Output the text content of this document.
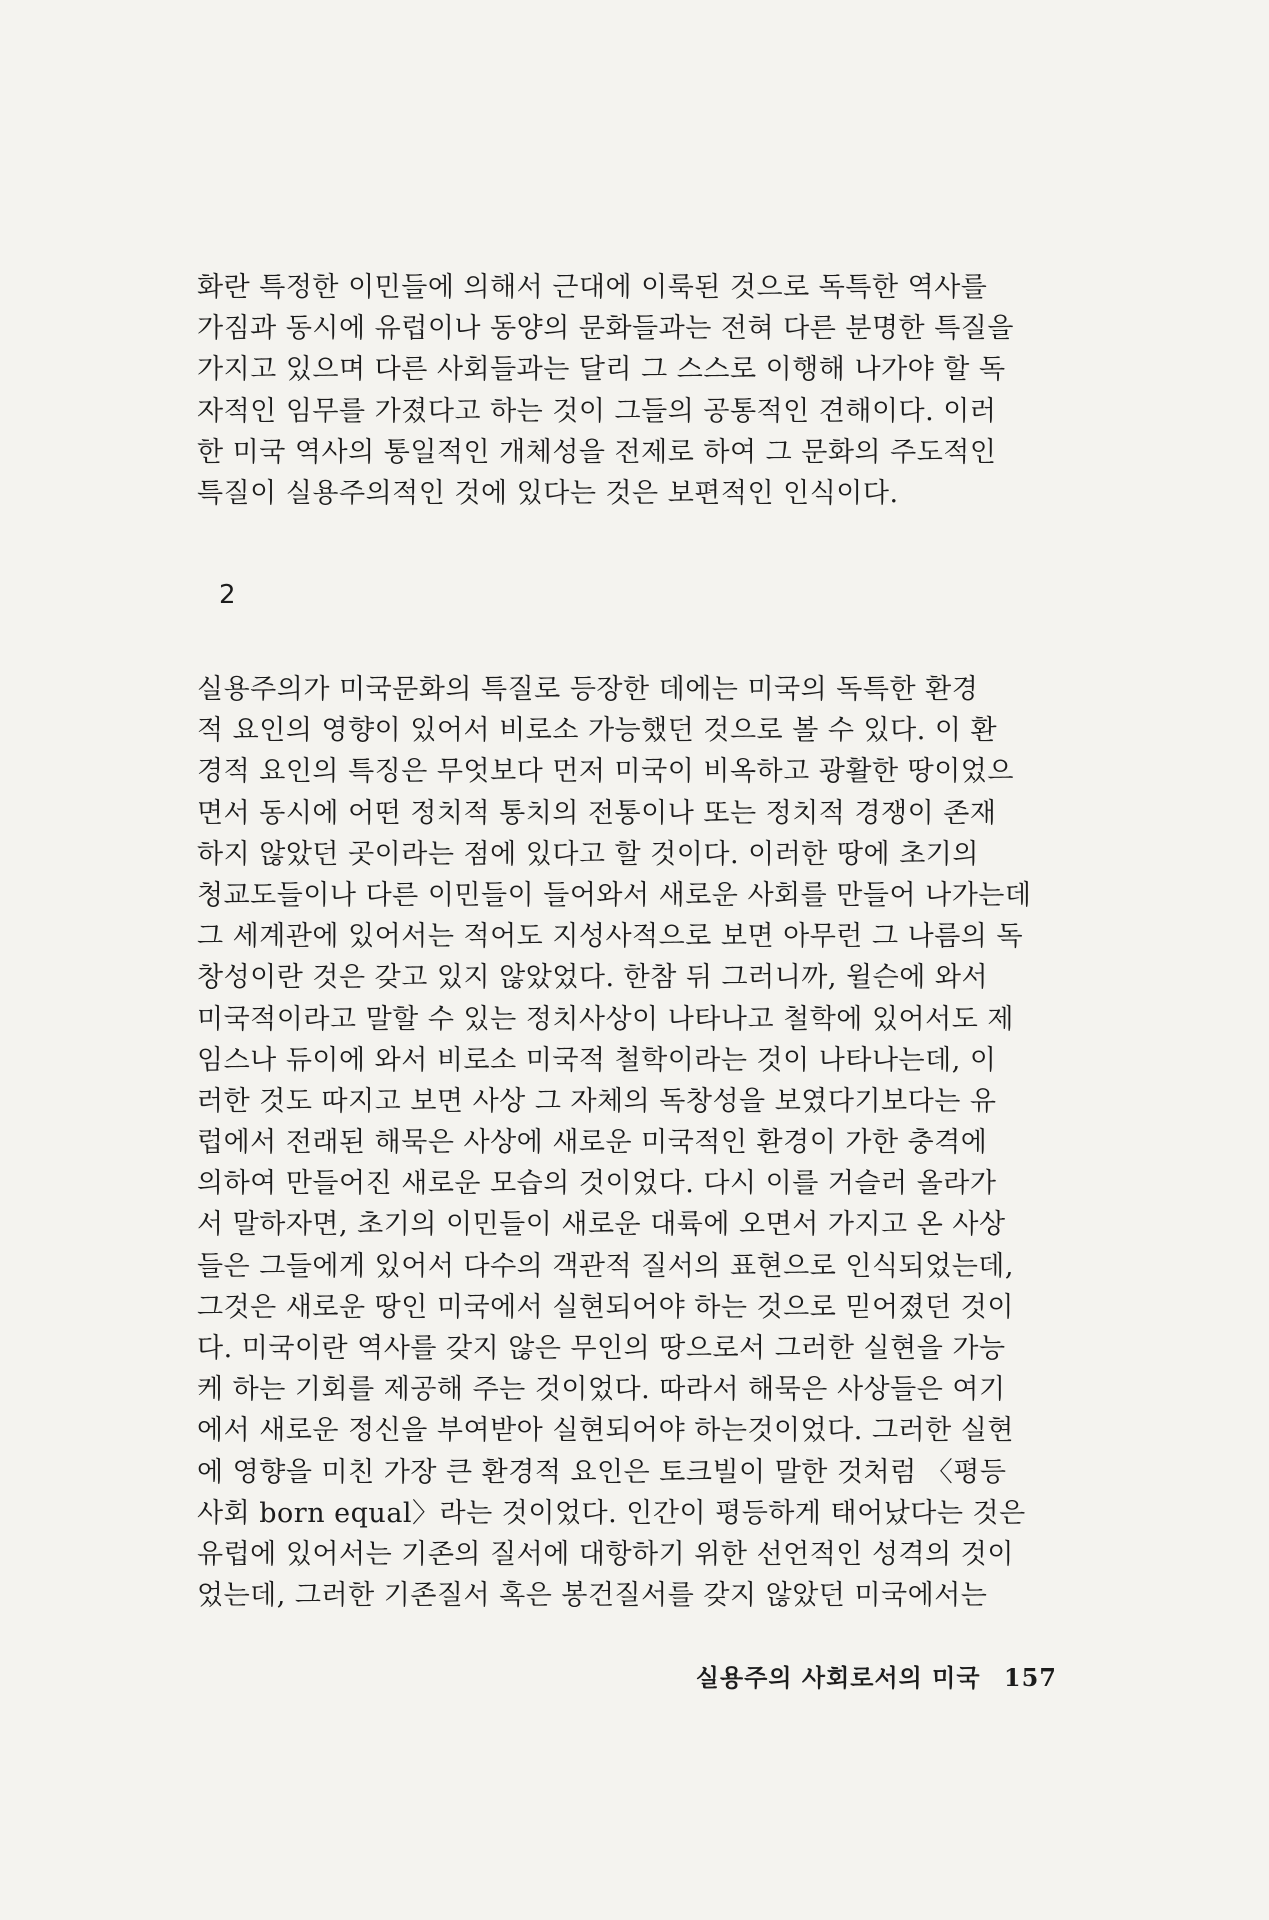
화란 특정한 이민들에 의해서 근대에 이룩된 것으로 독특한 역사를
가짐과 동시에 유럽이나 동양의 문화들과는 전혀 다른 분명한 특질을
가지고 있으며 다른 사회들과는 달리 그 스스로 이행해 나가야 할 독
자적인 임무를 가졌다고 하는 것이 그들의 공통적인 견해이다. 이러
한 미국 역사의 통일적인 개체성을 전제로 하여 그 문화의 주도적인
특질이 실용주의적인 것에 있다는 것은 보편적인 인식이다.
2
실용주의가 미국문화의 특질로 등장한 데에는 미국의 독특한 환경
적 요인의 영향이 있어서 비로소 가능했던 것으로 볼 수 있다. 이 환
경적 요인의 특징은 무엇보다 먼저 미국이 비옥하고 광활한 땅이었으
면서 동시에 어떤 정치적 통치의 전통이나 또는 정치적 경쟁이 존재
하지 않았던 곳이라는 점에 있다고 할 것이다. 이러한 땅에 초기의
청교도들이나 다른 이민들이 들어와서 새로운 사회를 만들어 나가는데
그 세계관에 있어서는 적어도 지성사적으로 보면 아무런 그 나름의 독
창성이란 것은 갖고 있지 않았었다. 한참 뒤 그러니까, 윌슨에 와서
미국적이라고 말할 수 있는 정치사상이 나타나고 철학에 있어서도 제
임스나 듀이에 와서 비로소 미국적 철학이라는 것이 나타나는데, 이
러한 것도 따지고 보면 사상 그 자체의 독창성을 보였다기보다는 유
럽에서 전래된 해묵은 사상에 새로운 미국적인 환경이 가한 충격에
의하여 만들어진 새로운 모습의 것이었다. 다시 이를 거슬러 올라가
서 말하자면, 초기의 이민들이 새로운 대륙에 오면서 가지고 온 사상
들은 그들에게 있어서 다수의 객관적 질서의 표현으로 인식되었는데,
그것은 새로운 땅인 미국에서 실현되어야 하는 것으로 믿어졌던 것이
다. 미국이란 역사를 갖지 않은 무인의 땅으로서 그러한 실현을 가능
케 하는 기회를 제공해 주는 것이었다. 따라서 해묵은 사상들은 여기
에서 새로운 정신을 부여받아 실현되어야 하는것이었다. 그러한 실현
에 영향을 미친 가장 큰 환경적 요인은 토크빌이 말한 것처럼 〈평등
사회 born equal〉라는 것이었다. 인간이 평등하게 태어났다는 것은
유럽에 있어서는 기존의 질서에 대항하기 위한 선언적인 성격의 것이
었는데, 그러한 기존질서 혹은 봉건질서를 갖지 않았던 미국에서는
실용주의 사회로서의 미국 157
